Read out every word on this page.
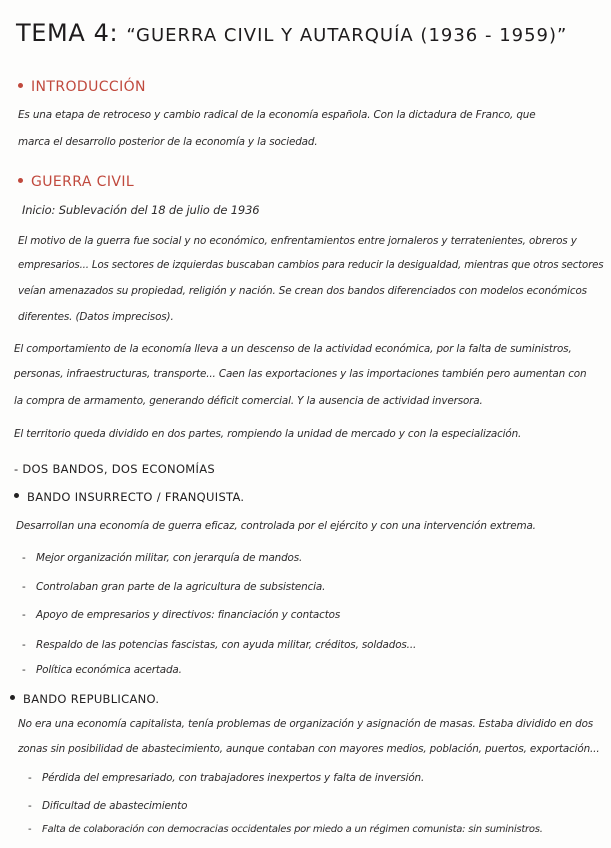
TEMA 4: “GUERRA CIVIL Y AUTARQUÍA (1936 - 1959)”
INTRODUCCIÓN
Es una etapa de retroceso y cambio radical de la economía española. Con la dictadura de Franco, que
marca el desarrollo posterior de la economía y la sociedad.
GUERRA CIVIL
Inicio: Sublevación del 18 de julio de 1936
El motivo de la guerra fue social y no económico, enfrentamientos entre jornaleros y terratenientes, obreros y
empresarios... Los sectores de izquierdas buscaban cambios para reducir la desigualdad, mientras que otros sectores
veían amenazados su propiedad, religión y nación. Se crean dos bandos diferenciados con modelos económicos
diferentes. (Datos imprecisos).
El comportamiento de la economía lleva a un descenso de la actividad económica, por la falta de suministros,
personas, infraestructuras, transporte... Caen las exportaciones y las importaciones también pero aumentan con
la compra de armamento, generando déficit comercial. Y la ausencia de actividad inversora.
El territorio queda dividido en dos partes, rompiendo la unidad de mercado y con la especialización.
- DOS BANDOS, DOS ECONOMÍAS
BANDO INSURRECTO / FRANQUISTA.
Desarrollan una economía de guerra eficaz, controlada por el ejército y con una intervención extrema.
- Mejor organización militar, con jerarquía de mandos.
- Controlaban gran parte de la agricultura de subsistencia.
- Apoyo de empresarios y directivos: financiación y contactos
- Respaldo de las potencias fascistas, con ayuda militar, créditos, soldados...
- Política económica acertada.
BANDO REPUBLICANO.
No era una economía capitalista, tenía problemas de organización y asignación de masas. Estaba dividido en dos
zonas sin posibilidad de abastecimiento, aunque contaban con mayores medios, población, puertos, exportación...
- Pérdida del empresariado, con trabajadores inexpertos y falta de inversión.
- Dificultad de abastecimiento
- Falta de colaboración con democracias occidentales por miedo a un régimen comunista: sin suministros.
